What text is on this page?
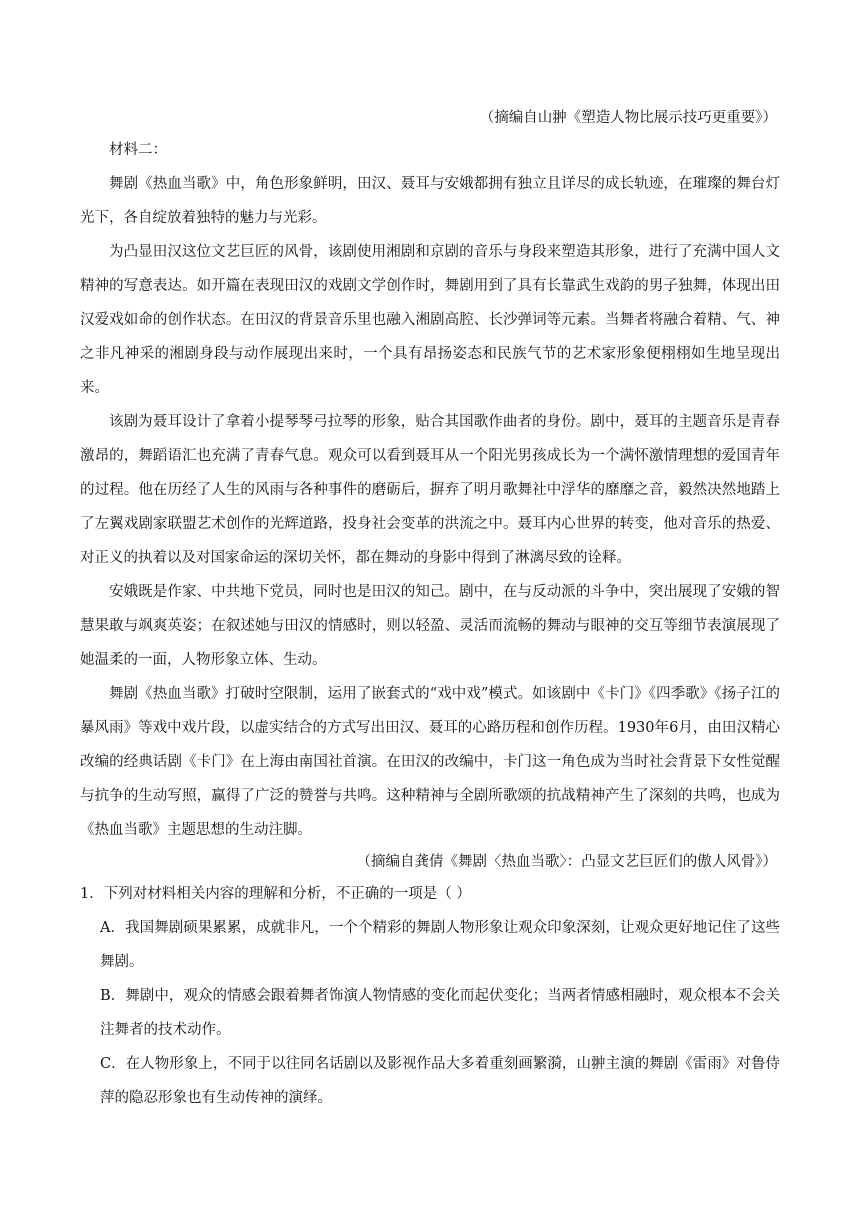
（摘编自山翀《塑造人物比展示技巧更重要》）
材料二：

舞剧《热血当歌》中，角色形象鲜明，田汉、聂耳与安娥都拥有独立且详尽的成长轨迹，在璀璨的舞台灯光下，各自绽放着独特的魅力与光彩。

为凸显田汉这位文艺巨匠的风骨，该剧使用湘剧和京剧的音乐与身段来塑造其形象，进行了充满中国人文精神的写意表达。如开篇在表现田汉的戏剧文学创作时，舞剧用到了具有长靠武生戏韵的男子独舞，体现出田汉爱戏如命的创作状态。在田汉的背景音乐里也融入湘剧高腔、长沙弹词等元素。当舞者将融合着精、气、神之非凡神采的湘剧身段与动作展现出来时，一个具有昂扬姿态和民族气节的艺术家形象便栩栩如生地呈现出来。

该剧为聂耳设计了拿着小提琴琴弓拉琴的形象，贴合其国歌作曲者的身份。剧中，聂耳的主题音乐是青春激昂的，舞蹈语汇也充满了青春气息。观众可以看到聂耳从一个阳光男孩成长为一个满怀激情理想的爱国青年的过程。他在历经了人生的风雨与各种事件的磨砺后，摒弃了明月歌舞社中浮华的靡靡之音，毅然决然地踏上了左翼戏剧家联盟艺术创作的光辉道路，投身社会变革的洪流之中。聂耳内心世界的转变，他对音乐的热爱、对正义的执着以及对国家命运的深切关怀，都在舞动的身影中得到了淋漓尽致的诠释。

安娥既是作家、中共地下党员，同时也是田汉的知己。剧中，在与反动派的斗争中，突出展现了安娥的智慧果敢与飒爽英姿；在叙述她与田汉的情感时，则以轻盈、灵活而流畅的舞动与眼神的交互等细节表演展现了她温柔的一面，人物形象立体、生动。

舞剧《热血当歌》打破时空限制，运用了嵌套式的“戏中戏”模式。如该剧中《卡门》《四季歌》《扬子江的暴风雨》等戏中戏片段，以虚实结合的方式写出田汉、聂耳的心路历程和创作历程。1930年6月，由田汉精心改编的经典话剧《卡门》在上海由南国社首演。在田汉的改编中，卡门这一角色成为当时社会背景下女性觉醒与抗争的生动写照，赢得了广泛的赞誉与共鸣。这种精神与全剧所歌颂的抗战精神产生了深刻的共鸣，也成为《热血当歌》主题思想的生动注脚。

（摘编自龚倩《舞剧〈热血当歌〉：凸显文艺巨匠们的傲人风骨》）

1．下列对材料相关内容的理解和分析，不正确的一项是（ ）

A．我国舞剧硕果累累，成就非凡，一个个精彩的舞剧人物形象让观众印象深刻，让观众更好地记住了这些舞剧。

B．舞剧中，观众的情感会跟着舞者饰演人物情感的变化而起伏变化；当两者情感相融时，观众根本不会关注舞者的技术动作。

C．在人物形象上，不同于以往同名话剧以及影视作品大多着重刻画繁漪，山翀主演的舞剧《雷雨》对鲁侍萍的隐忍形象也有生动传神的演绎。
